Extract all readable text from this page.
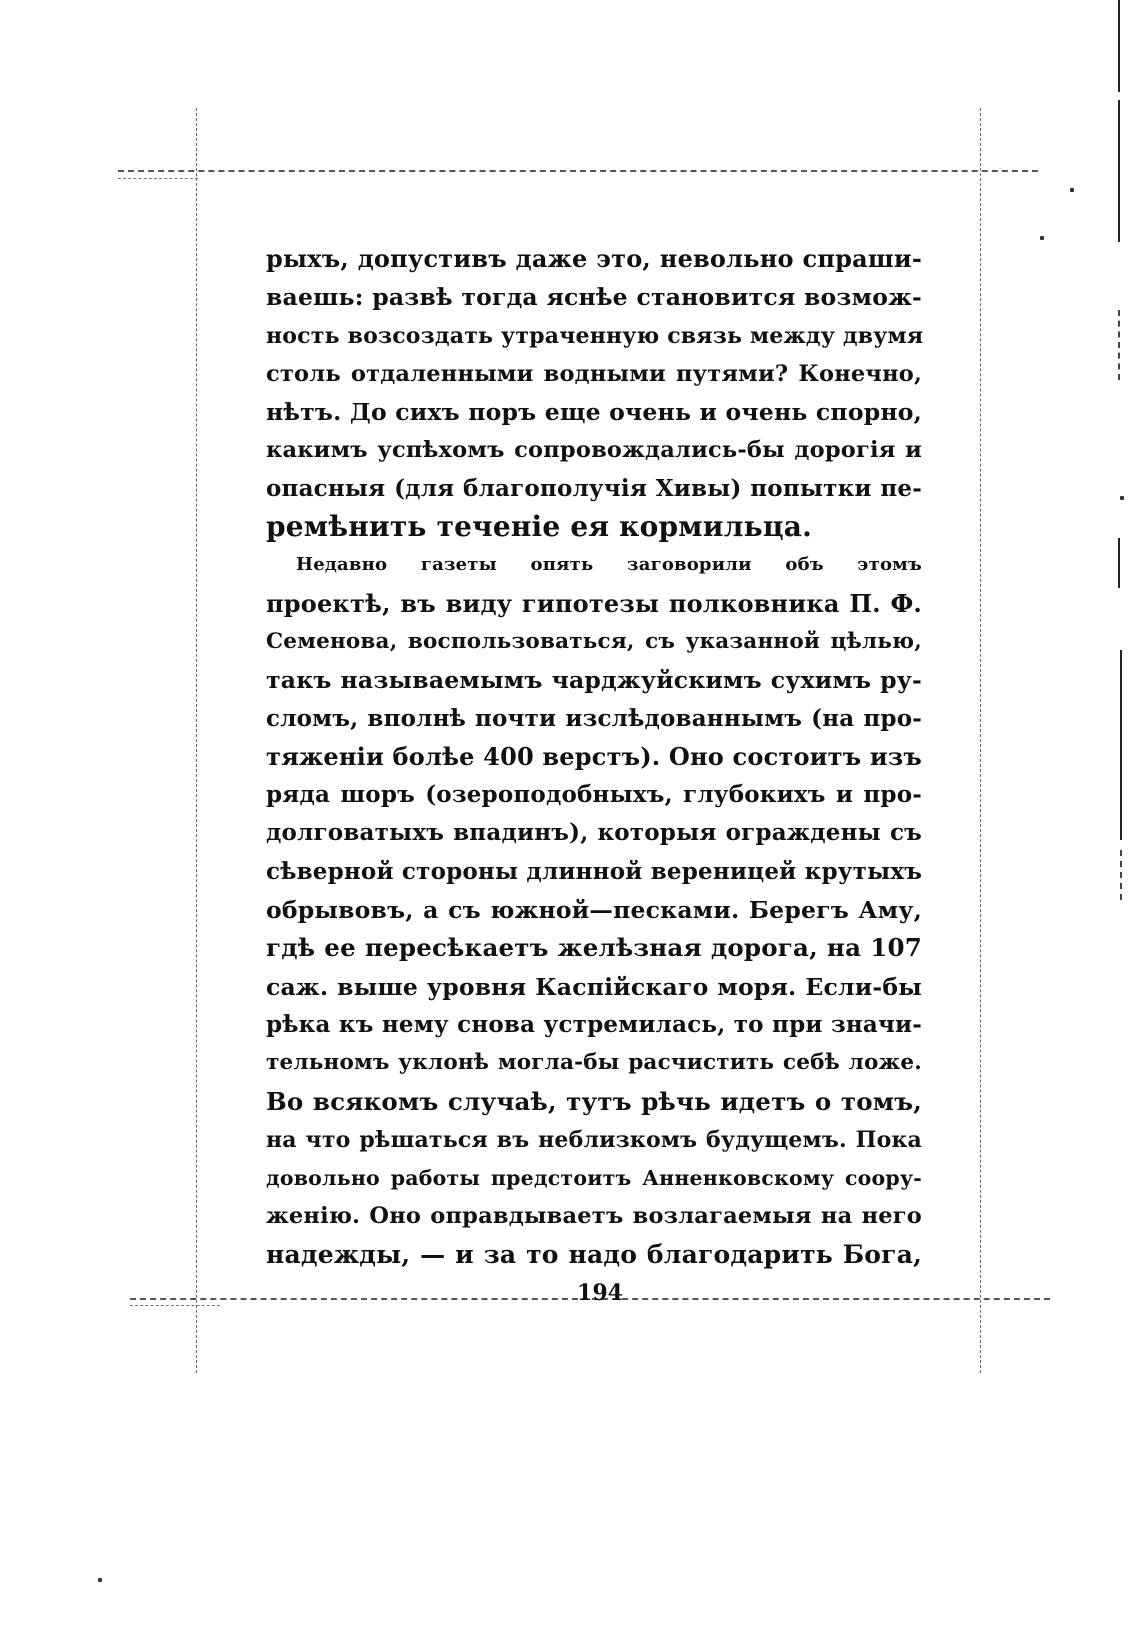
рыхъ, допустивъ даже это, невольно спраши-
ваешь: развѣ тогда яснѣе становится возмож-
ность возсоздать утраченную связь между двумя
столь отдаленными водными путями? Конечно,
нѣтъ. До сихъ поръ еще очень и очень спорно,
какимъ успѣхомъ сопровождались-бы дорогія и
опасныя (для благополучія Хивы) попытки пе-
ремѣнить теченіе ея кормильца.
Недавно газеты опять заговорили объ этомъ
проектѣ, въ виду гипотезы полковника П. Ф.
Семенова, воспользоваться, съ указанной цѣлью,
такъ называемымъ чарджуйскимъ сухимъ ру-
сломъ, вполнѣ почти изслѣдованнымъ (на про-
тяженіи болѣе 400 верстъ). Оно состоитъ изъ
ряда шоръ (озероподобныхъ, глубокихъ и про-
долговатыхъ впадинъ), которыя ограждены съ
сѣверной стороны длинной вереницей крутыхъ
обрывовъ, а съ южной—песками. Берегъ Аму,
гдѣ ее пересѣкаетъ желѣзная дорога, на 107
саж. выше уровня Каспійскаго моря. Если-бы
рѣка къ нему снова устремилась, то при значи-
тельномъ уклонѣ могла-бы расчистить себѣ ложе.
Во всякомъ случаѣ, тутъ рѣчь идетъ о томъ,
на что рѣшаться въ неблизкомъ будущемъ. Пока
довольно работы предстоитъ Анненковскому соору-
женію. Оно оправдываетъ возлагаемыя на него
надежды, — и за то надо благодарить Бога,
194
